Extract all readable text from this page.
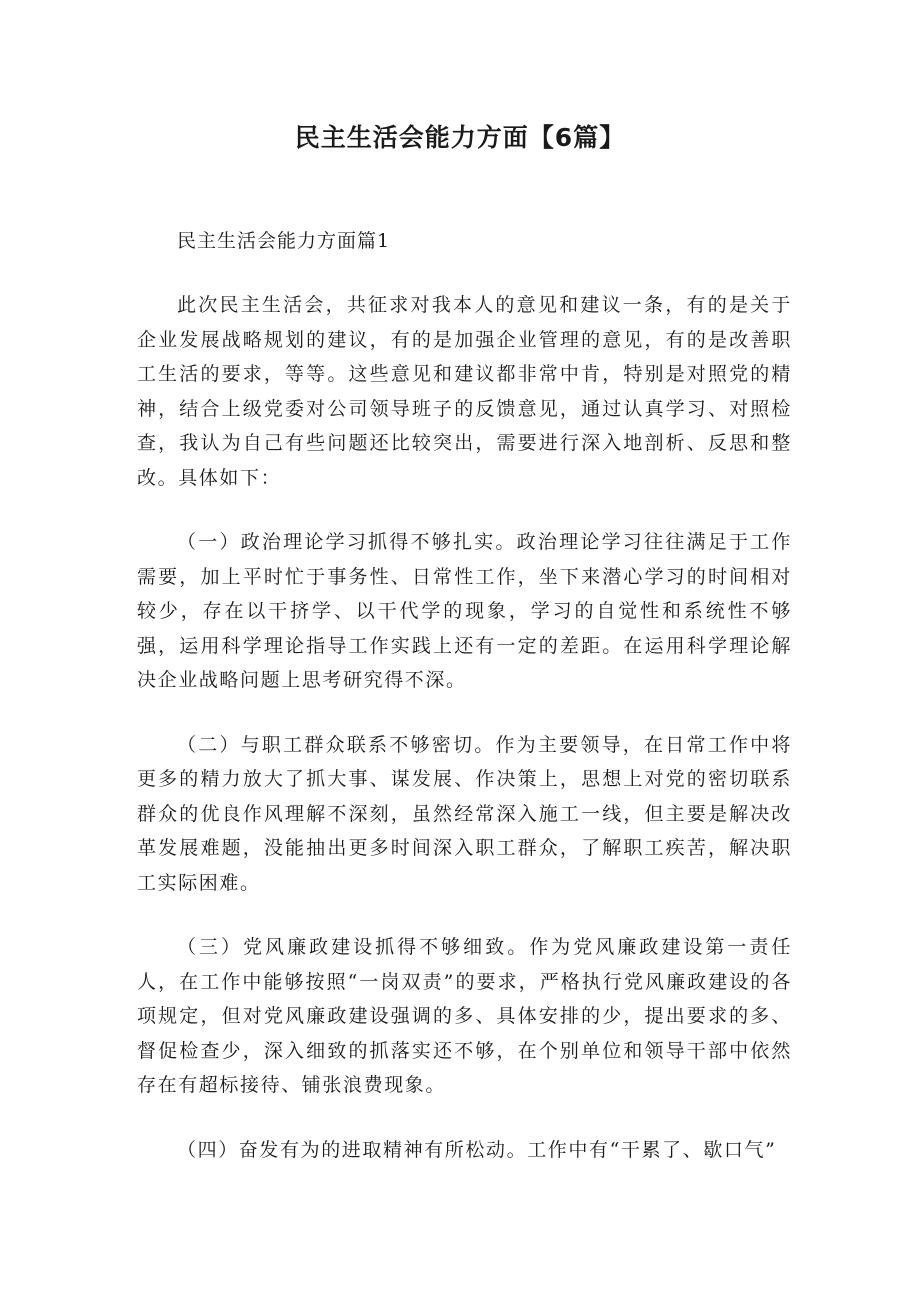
民主生活会能力方面【6篇】

民主生活会能力方面篇1

此次民主生活会，共征求对我本人的意见和建议一条，有的是关于企业发展战略规划的建议，有的是加强企业管理的意见，有的是改善职工生活的要求，等等。这些意见和建议都非常中肯，特别是对照党的精神，结合上级党委对公司领导班子的反馈意见，通过认真学习、对照检查，我认为自己有些问题还比较突出，需要进行深入地剖析、反思和整改。具体如下：

（一）政治理论学习抓得不够扎实。政治理论学习往往满足于工作需要，加上平时忙于事务性、日常性工作，坐下来潜心学习的时间相对较少，存在以干挤学、以干代学的现象，学习的自觉性和系统性不够强，运用科学理论指导工作实践上还有一定的差距。在运用科学理论解决企业战略问题上思考研究得不深。

（二）与职工群众联系不够密切。作为主要领导，在日常工作中将更多的精力放大了抓大事、谋发展、作决策上，思想上对党的密切联系群众的优良作风理解不深刻，虽然经常深入施工一线，但主要是解决改革发展难题，没能抽出更多时间深入职工群众，了解职工疾苦，解决职工实际困难。

（三）党风廉政建设抓得不够细致。作为党风廉政建设第一责任人，在工作中能够按照“一岗双责”的要求，严格执行党风廉政建设的各项规定，但对党风廉政建设强调的多、具体安排的少，提出要求的多、督促检查少，深入细致的抓落实还不够，在个别单位和领导干部中依然存在有超标接待、铺张浪费现象。

（四）奋发有为的进取精神有所松动。工作中有“干累了、歇口气”
